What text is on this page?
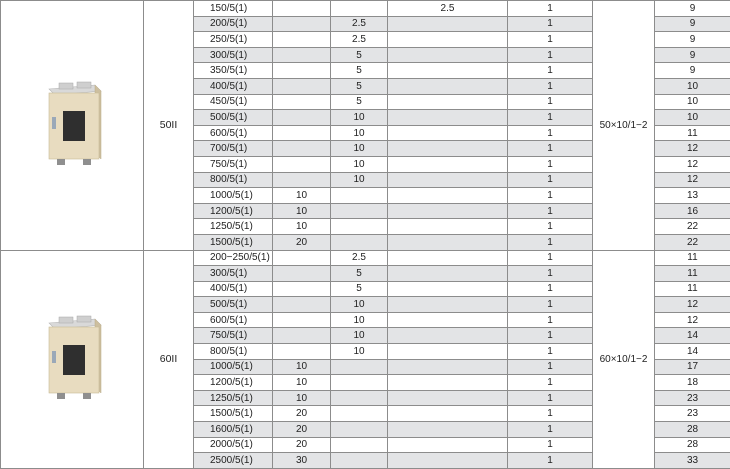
	50II	150/5(1)			2.5	1	50×10/1−2	9	
		200/5(1)		2.5		1		9	
		250/5(1)		2.5		1		9	
		300/5(1)		5		1		9	
		350/5(1)		5		1		9	
		400/5(1)		5		1		10	
		450/5(1)		5		1		10	
		500/5(1)		10		1		10	
		600/5(1)		10		1		11	
		700/5(1)		10		1		12	
		750/5(1)		10		1		12	
		800/5(1)		10		1		12	
		1000/5(1)	10			1		13	
		1200/5(1)	10			1		16	
		1250/5(1)	10			1		22	
		1500/5(1)	20			1		22	

	60II	200−250/5(1)		2.5		1	60×10/1−2	11	
		300/5(1)		5		1		11	
		400/5(1)		5		1		11	
		500/5(1)		10		1		12	
		600/5(1)		10		1		12	
		750/5(1)		10		1		14	
		800/5(1)		10		1		14	
		1000/5(1)	10			1		17	
		1200/5(1)	10			1		18	
		1250/5(1)	10			1		23	
		1500/5(1)	20			1		23	
		1600/5(1)	20			1		28	
		2000/5(1)	20			1		28	
		2500/5(1)	30			1		33	
